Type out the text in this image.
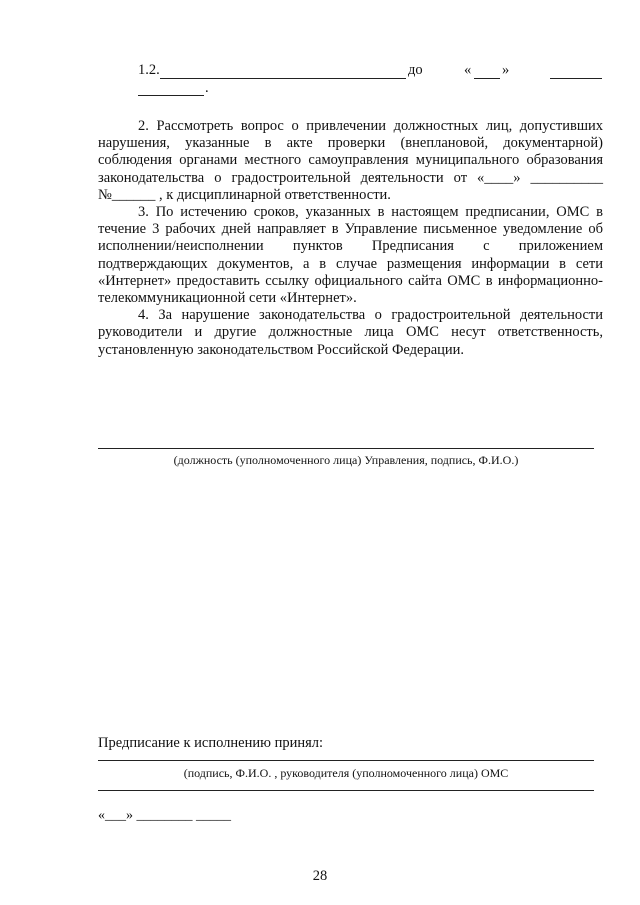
1.2.	до	« »
.

2. Рассмотреть вопрос о привлечении должностных лиц, допустивших нарушения, указанные в акте проверки (внеплановой, документарной) соблюдения органами местного самоуправления муниципального образования законодательства о градостроительной деятельности от «____» __________ №______ , к дисциплинарной ответственности.

3. По истечению сроков, указанных в настоящем предписании, ОМС в течение 3 рабочих дней направляет в Управление письменное уведомление об исполнении/неисполнении пунктов Предписания с приложением подтверждающих документов, а в случае размещения информации в сети «Интернет» предоставить ссылку официального сайта ОМС в информационно-телекоммуникационной сети «Интернет».

4. За нарушение законодательства о градостроительной деятельности руководители и другие должностные лица ОМС несут ответственность, установленную законодательством Российской Федерации.

(должность (уполномоченного лица) Управления, подпись, Ф.И.О.)
Предписание к исполнению принял:
(подпись, Ф.И.О. , руководителя (уполномоченного лица) ОМС
«___» ________ _____
28
